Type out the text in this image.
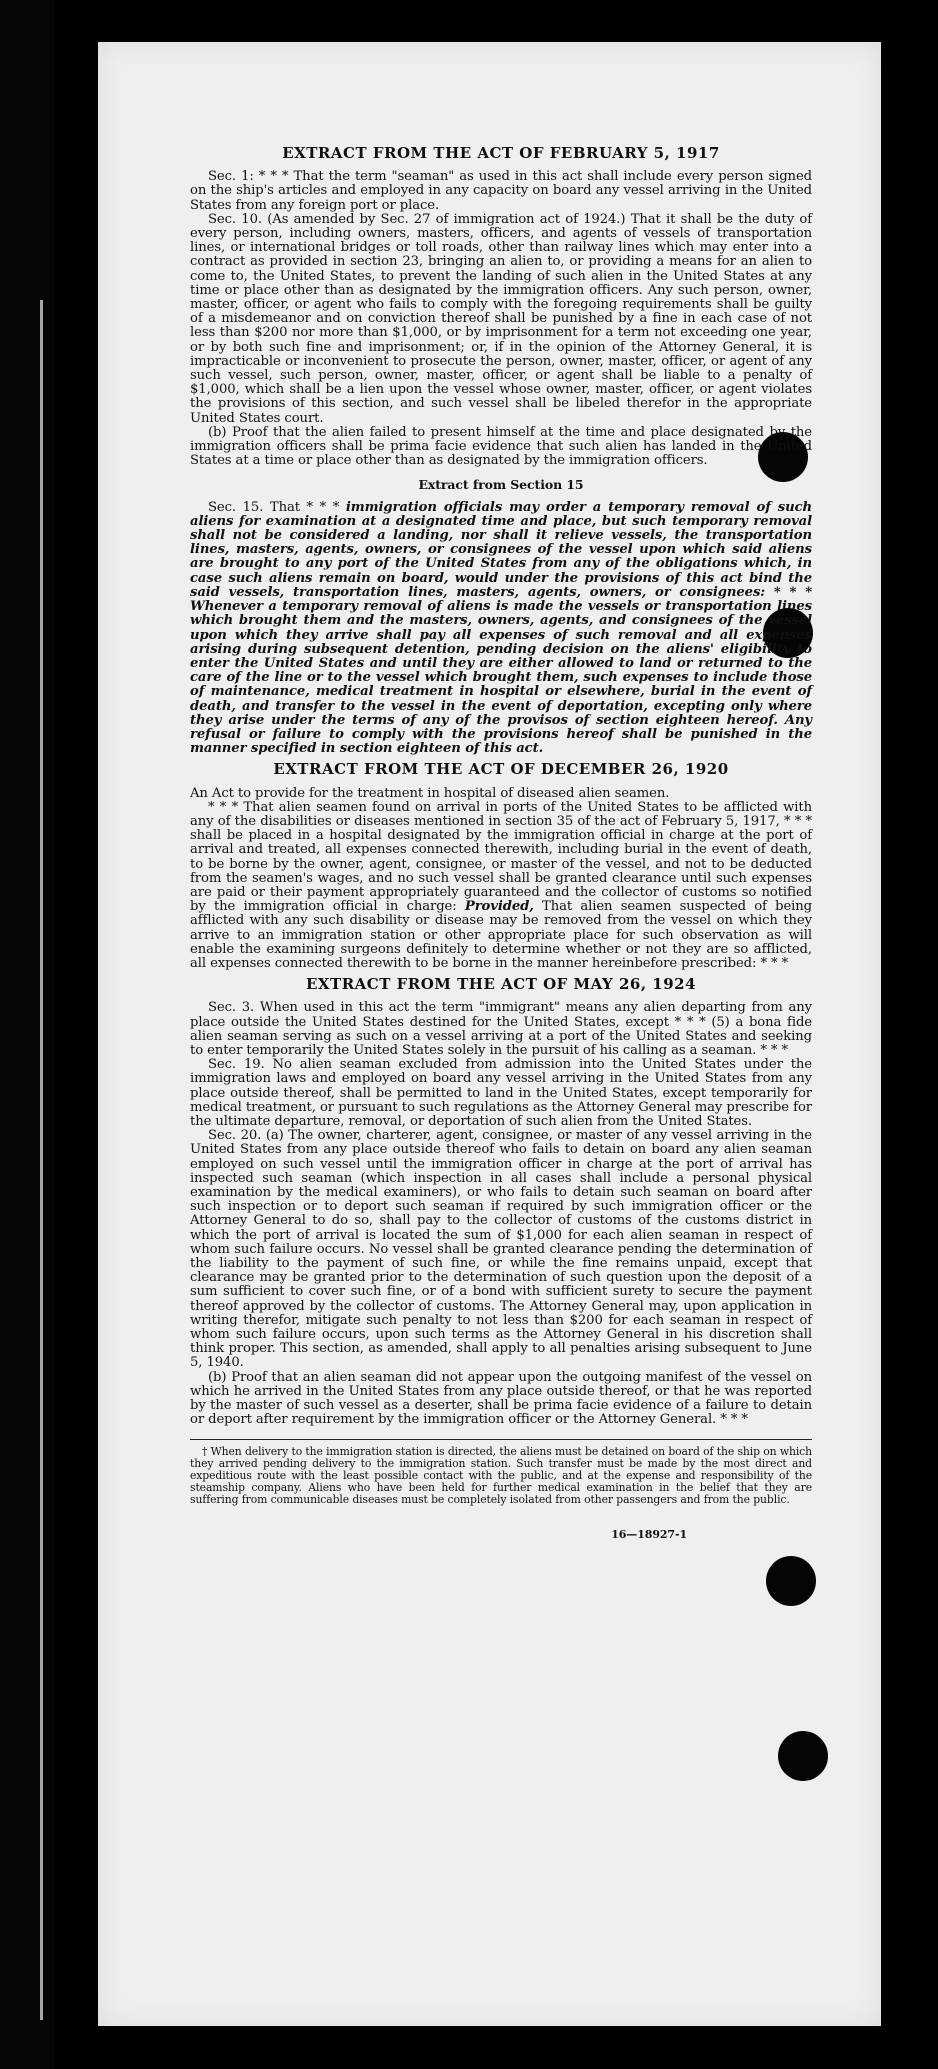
EXTRACT FROM THE ACT OF FEBRUARY 5, 1917

Sec. 1: * * * That the term "seaman" as used in this act shall include every person signed on the ship's articles and employed in any capacity on board any vessel arriving in the United States from any foreign port or place.

Sec. 10. (As amended by Sec. 27 of immigration act of 1924.) That it shall be the duty of every person, including owners, masters, officers, and agents of vessels of transportation lines, or international bridges or toll roads, other than railway lines which may enter into a contract as provided in section 23, bringing an alien to, or providing a means for an alien to come to, the United States, to prevent the landing of such alien in the United States at any time or place other than as designated by the immigration officers. Any such person, owner, master, officer, or agent who fails to comply with the foregoing requirements shall be guilty of a misdemeanor and on conviction thereof shall be punished by a fine in each case of not less than $200 nor more than $1,000, or by imprisonment for a term not exceeding one year, or by both such fine and imprisonment; or, if in the opinion of the Attorney General, it is impracticable or inconvenient to prosecute the person, owner, master, officer, or agent of any such vessel, such person, owner, master, officer, or agent shall be liable to a penalty of $1,000, which shall be a lien upon the vessel whose owner, master, officer, or agent violates the provisions of this section, and such vessel shall be libeled therefor in the appropriate United States court.

(b) Proof that the alien failed to present himself at the time and place designated by the immigration officers shall be prima facie evidence that such alien has landed in the United States at a time or place other than as designated by the immigration officers.

Extract from Section 15

Sec. 15. That * * * immigration officials may order a temporary removal of such aliens for examination at a designated time and place, but such temporary removal shall not be considered a landing, nor shall it relieve vessels, the transportation lines, masters, agents, owners, or consignees of the vessel upon which said aliens are brought to any port of the United States from any of the obligations which, in case such aliens remain on board, would under the provisions of this act bind the said vessels, transportation lines, masters, agents, owners, or consignees: * * * Whenever a temporary removal of aliens is made the vessels or transportation lines which brought them and the masters, owners, agents, and consignees of the vessel upon which they arrive shall pay all expenses of such removal and all expenses arising during subsequent detention, pending decision on the aliens' eligibility to enter the United States and until they are either allowed to land or returned to the care of the line or to the vessel which brought them, such expenses to include those of maintenance, medical treatment in hospital or elsewhere, burial in the event of death, and transfer to the vessel in the event of deportation, excepting only where they arise under the terms of any of the provisos of section eighteen hereof. Any refusal or failure to comply with the provisions hereof shall be punished in the manner specified in section eighteen of this act.

EXTRACT FROM THE ACT OF DECEMBER 26, 1920

An Act to provide for the treatment in hospital of diseased alien seamen.

* * * That alien seamen found on arrival in ports of the United States to be afflicted with any of the disabilities or diseases mentioned in section 35 of the act of February 5, 1917, * * * shall be placed in a hospital designated by the immigration official in charge at the port of arrival and treated, all expenses connected therewith, including burial in the event of death, to be borne by the owner, agent, consignee, or master of the vessel, and not to be deducted from the seamen's wages, and no such vessel shall be granted clearance until such expenses are paid or their payment appropriately guaranteed and the collector of customs so notified by the immigration official in charge: Provided, That alien seamen suspected of being afflicted with any such disability or disease may be removed from the vessel on which they arrive to an immigration station or other appropriate place for such observation as will enable the examining surgeons definitely to determine whether or not they are so afflicted, all expenses connected therewith to be borne in the manner hereinbefore prescribed: * * *

EXTRACT FROM THE ACT OF MAY 26, 1924

Sec. 3. When used in this act the term "immigrant" means any alien departing from any place outside the United States destined for the United States, except * * * (5) a bona fide alien seaman serving as such on a vessel arriving at a port of the United States and seeking to enter temporarily the United States solely in the pursuit of his calling as a seaman. * * *

Sec. 19. No alien seaman excluded from admission into the United States under the immigration laws and employed on board any vessel arriving in the United States from any place outside thereof, shall be permitted to land in the United States, except temporarily for medical treatment, or pursuant to such regulations as the Attorney General may prescribe for the ultimate departure, removal, or deportation of such alien from the United States.

Sec. 20. (a) The owner, charterer, agent, consignee, or master of any vessel arriving in the United States from any place outside thereof who fails to detain on board any alien seaman employed on such vessel until the immigration officer in charge at the port of arrival has inspected such seaman (which inspection in all cases shall include a personal physical examination by the medical examiners), or who fails to detain such seaman on board after such inspection or to deport such seaman if required by such immigration officer or the Attorney General to do so, shall pay to the collector of customs of the customs district in which the port of arrival is located the sum of $1,000 for each alien seaman in respect of whom such failure occurs. No vessel shall be granted clearance pending the determination of the liability to the payment of such fine, or while the fine remains unpaid, except that clearance may be granted prior to the determination of such question upon the deposit of a sum sufficient to cover such fine, or of a bond with sufficient surety to secure the payment thereof approved by the collector of customs. The Attorney General may, upon application in writing therefor, mitigate such penalty to not less than $200 for each seaman in respect of whom such failure occurs, upon such terms as the Attorney General in his discretion shall think proper. This section, as amended, shall apply to all penalties arising subsequent to June 5, 1940.

(b) Proof that an alien seaman did not appear upon the outgoing manifest of the vessel on which he arrived in the United States from any place outside thereof, or that he was reported by the master of such vessel as a deserter, shall be prima facie evidence of a failure to detain or deport after requirement by the immigration officer or the Attorney General. * * *

† When delivery to the immigration station is directed, the aliens must be detained on board of the ship on which they arrived pending delivery to the immigration station. Such transfer must be made by the most direct and expeditious route with the least possible contact with the public, and at the expense and responsibility of the steamship company. Aliens who have been held for further medical examination in the belief that they are suffering from communicable diseases must be completely isolated from other passengers and from the public.

16—18927-1
